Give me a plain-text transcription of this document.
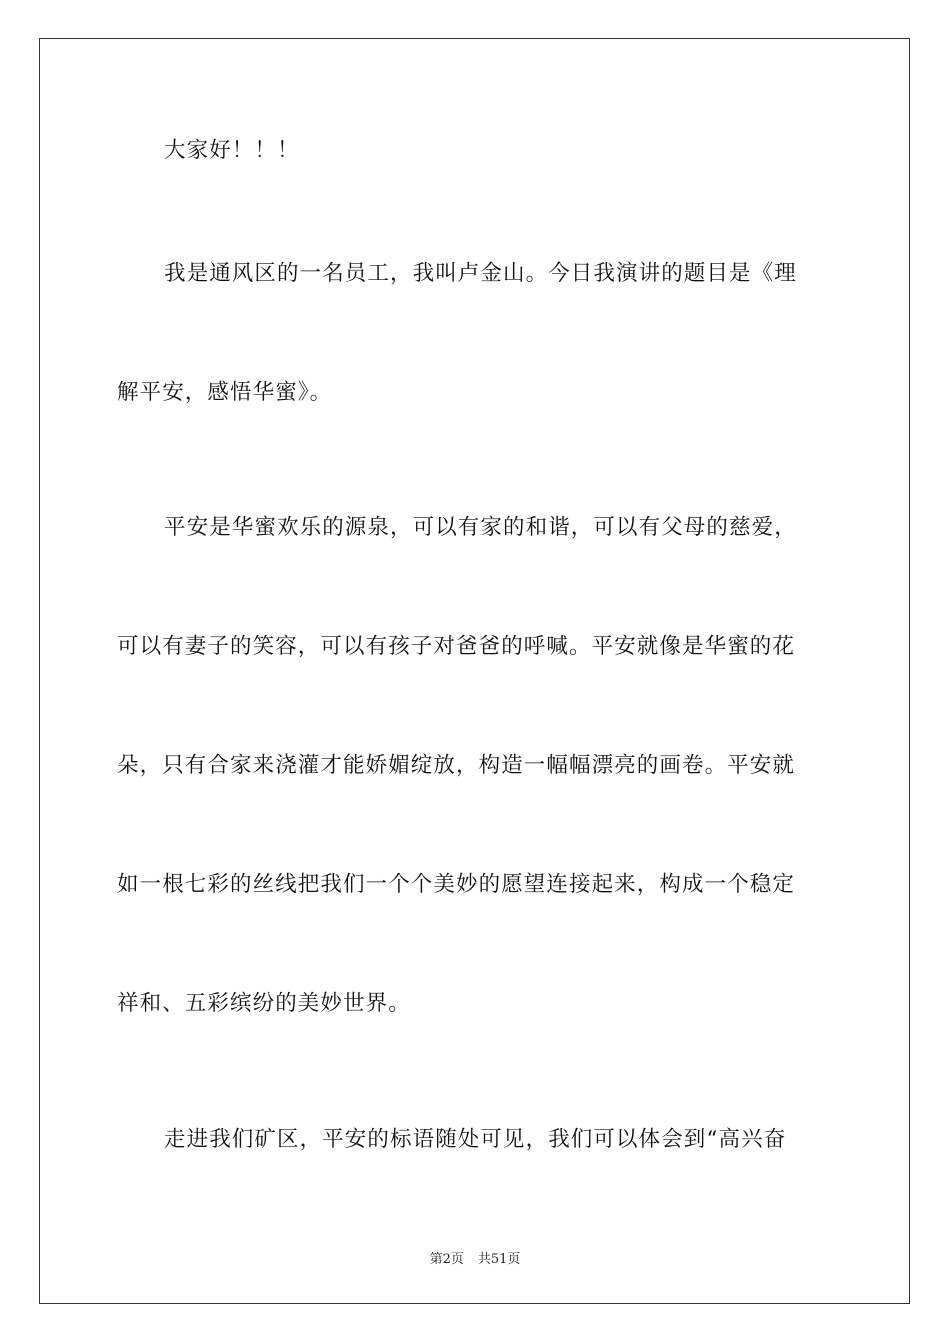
大家好！！！
我是通风区的一名员工，我叫卢金山。今日我演讲的题目是《理
解平安，感悟华蜜》。
平安是华蜜欢乐的源泉，可以有家的和谐，可以有父母的慈爱，
可以有妻子的笑容，可以有孩子对爸爸的呼喊。平安就像是华蜜的花
朵，只有合家来浇灌才能娇媚绽放，构造一幅幅漂亮的画卷。平安就
如一根七彩的丝线把我们一个个美妙的愿望连接起来，构成一个稳定
祥和、五彩缤纷的美妙世界。
走进我们矿区，平安的标语随处可见，我们可以体会到“高兴奋
第2页 共51页
